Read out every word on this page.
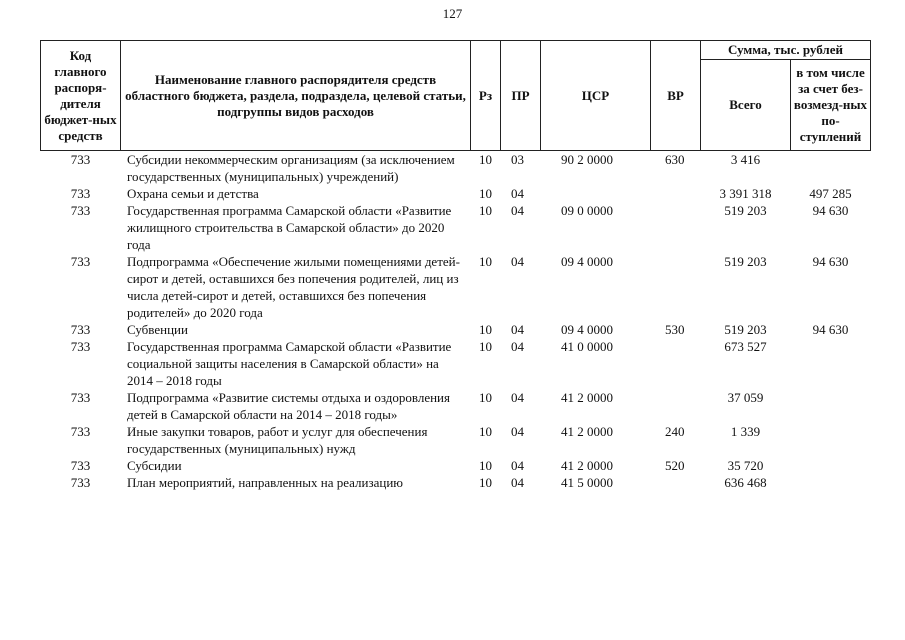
127
Код главного распоря-дителя бюджет-ных средств	Наименование главного распорядителя средств областного бюджета, раздела, подраздела, целевой статьи, подгруппы видов расходов	Рз	ПР	ЦСР	ВР	Сумма, тыс. рублей	
						Всего	в том числе за счет без-возмезд-ных по-ступлений
733	Субсидии некоммерческим организациям (за исключением государственных (муниципальных) учреждений)	10	03	90 2 0000	630	3 416	
733	Охрана семьи и детства	10	04			3 391 318	497 285
733	Государственная программа Самарской области «Развитие жилищного строительства в Самарской области» до 2020 года	10	04	09 0 0000		519 203	94 630
733	Подпрограмма «Обеспечение жилыми помещениями детей-сирот и детей, оставшихся без попечения родителей, лиц из числа детей-сирот и детей, оставшихся без попечения родителей» до 2020 года	10	04	09 4 0000		519 203	94 630
733	Субвенции	10	04	09 4 0000	530	519 203	94 630
733	Государственная программа Самарской области «Развитие социальной защиты населения в Самарской области» на 2014 – 2018 годы	10	04	41 0 0000		673 527	
733	Подпрограмма «Развитие системы отдыха и оздоровления детей в Самарской области на 2014 – 2018 годы»	10	04	41 2 0000		37 059	
733	Иные закупки товаров, работ и услуг для обеспечения государственных (муниципальных) нужд	10	04	41 2 0000	240	1 339	
733	Субсидии	10	04	41 2 0000	520	35 720	
733	План мероприятий, направленных на реализацию	10	04	41 5 0000		636 468	
